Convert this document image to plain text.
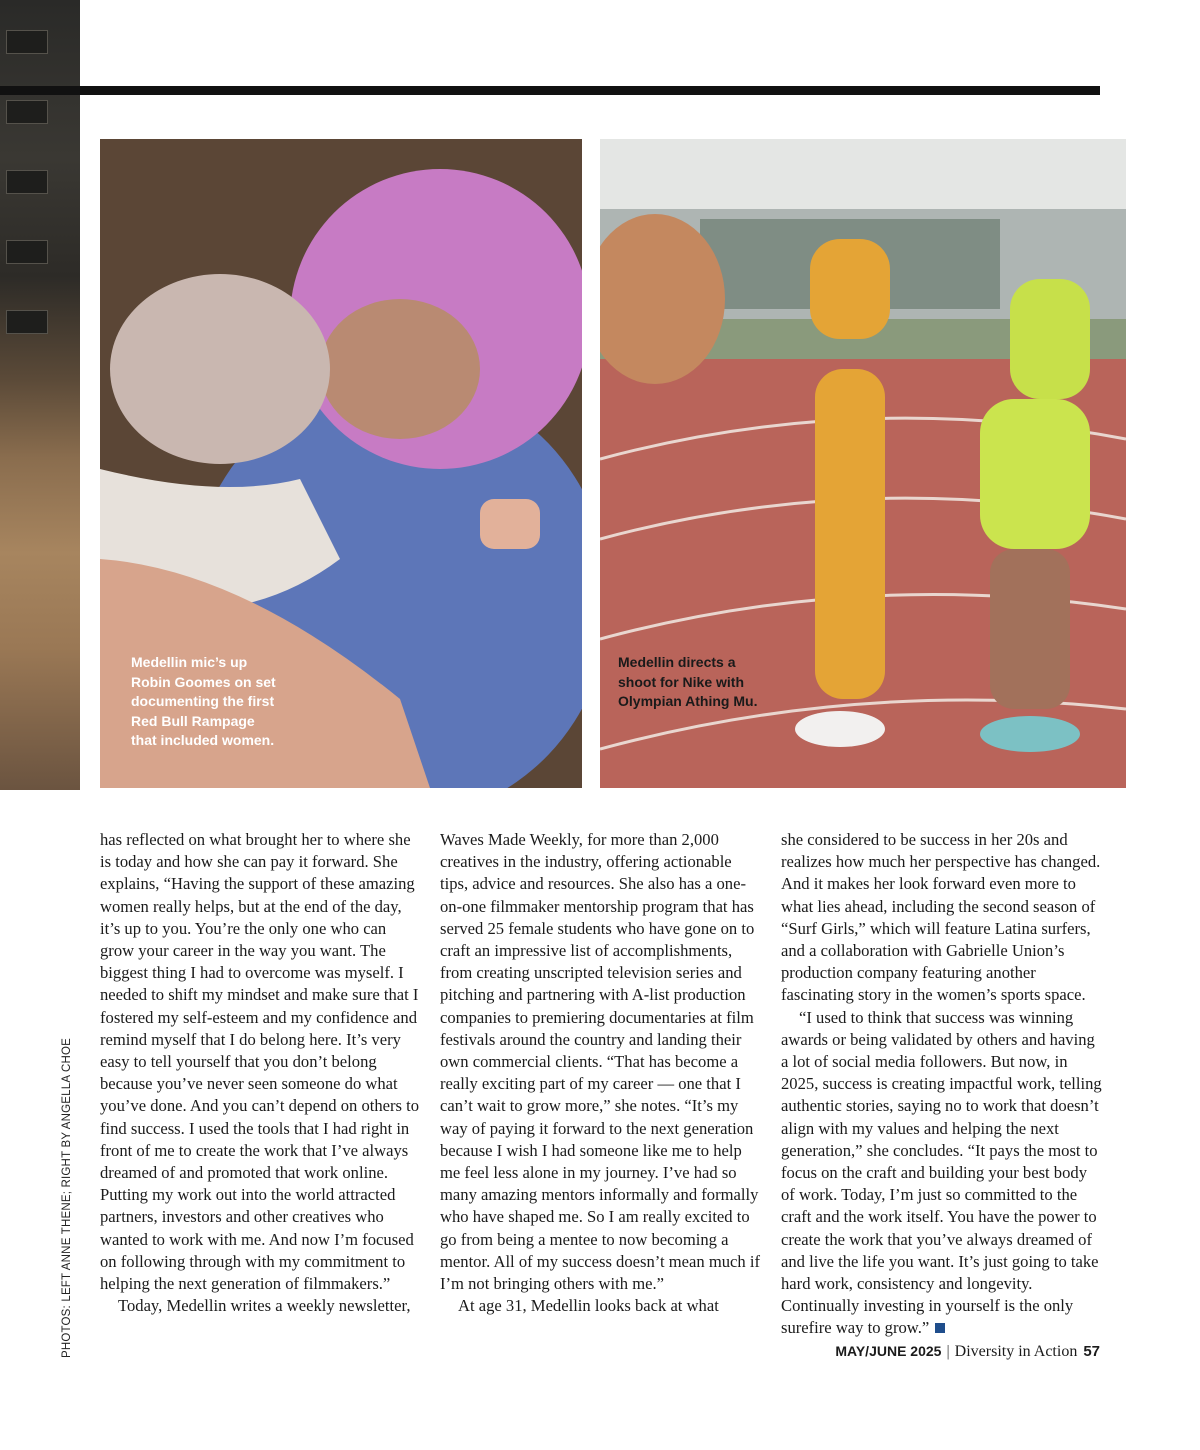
Medellin mic’s up
Robin Goomes on set
documenting the first
Red Bull Rampage
that included women.
Medellin directs a
shoot for Nike with
Olympian Athing Mu.
PHOTOS: LEFT ANNE THENE; RIGHT BY ANGELLA CHOE

has reflected on what brought her to where she is today and how she can pay it forward. She explains, “Having the support of these amazing women really helps, but at the end of the day, it’s up to you. You’re the only one who can grow your career in the way you want. The biggest thing I had to overcome was myself. I needed to shift my mindset and make sure that I fostered my self-esteem and my confidence and remind myself that I do belong here. It’s very easy to tell yourself that you don’t belong because you’ve never seen someone do what you’ve done. And you can’t depend on others to find success. I used the tools that I had right in front of me to create the work that I’ve always dreamed of and promoted that work online. Putting my work out into the world attracted partners, investors and other creatives who wanted to work with me. And now I’m focused on following through with my commitment to helping the next generation of filmmakers.”

Today, Medellin writes a weekly newsletter,

Waves Made Weekly, for more than 2,000 creatives in the industry, offering actionable tips, advice and resources. She also has a one-on-one filmmaker mentorship program that has served 25 female students who have gone on to craft an impressive list of accomplishments, from creating unscripted television series and pitching and partnering with A-list production companies to premiering documentaries at film festivals around the country and landing their own commercial clients. “That has become a really exciting part of my career — one that I can’t wait to grow more,” she notes. “It’s my way of paying it forward to the next generation because I wish I had someone like me to help me feel less alone in my journey. I’ve had so many amazing mentors informally and formally who have shaped me. So I am really excited to go from being a mentee to now becoming a mentor. All of my success doesn’t mean much if I’m not bringing others with me.”

At age 31, Medellin looks back at what

she considered to be success in her 20s and realizes how much her perspective has changed. And it makes her look forward even more to what lies ahead, including the second season of “Surf Girls,” which will feature Latina surfers, and a collaboration with Gabrielle Union’s production company featuring another fascinating story in the women’s sports space.

“I used to think that success was winning awards or being validated by others and having a lot of social media followers. But now, in 2025, success is creating impactful work, telling authentic stories, saying no to work that doesn’t align with my values and helping the next generation,” she concludes. “It pays the most to focus on the craft and building your best body of work. Today, I’m just so committed to the craft and the work itself. You have the power to create the work that you’ve always dreamed of and live the life you want. It’s just going to take hard work, consistency and longevity. Continually investing in yourself is the only surefire way to grow.”

MAY/JUNE 2025 | Diversity in Action 57
